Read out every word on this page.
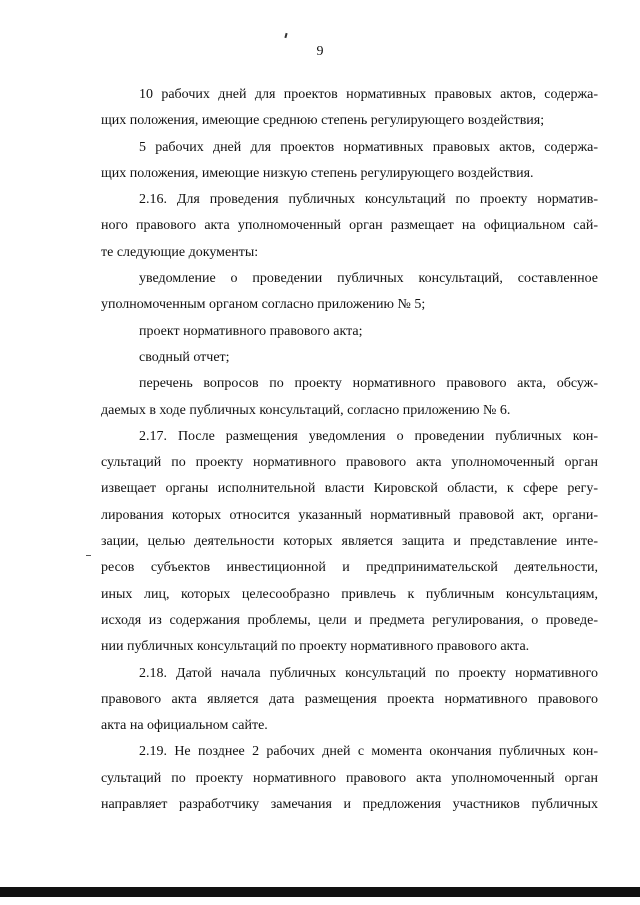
9
10 рабочих дней для проектов нормативных правовых актов, содержа-
щих положения, имеющие среднюю степень регулирующего воздействия;
5 рабочих дней для проектов нормативных правовых актов, содержа-
щих положения, имеющие низкую степень регулирующего воздействия.
2.16. Для проведения публичных консультаций по проекту норматив-
ного правового акта уполномоченный орган размещает на официальном сай-
те следующие документы:
уведомление о проведении публичных консультаций, составленное
уполномоченным органом согласно приложению № 5;
проект нормативного правового акта;
сводный отчет;
перечень вопросов по проекту нормативного правового акта, обсуж-
даемых в ходе публичных консультаций, согласно приложению № 6.
2.17. После размещения уведомления о проведении публичных кон-
сультаций по проекту нормативного правового акта уполномоченный орган
извещает органы исполнительной власти Кировской области, к сфере регу-
лирования которых относится указанный нормативный правовой акт, органи-
зации, целью деятельности которых является защита и представление инте-
ресов субъектов инвестиционной и предпринимательской деятельности,
иных лиц, которых целесообразно привлечь к публичным консультациям,
исходя из содержания проблемы, цели и предмета регулирования, о проведе-
нии публичных консультаций по проекту нормативного правового акта.
2.18. Датой начала публичных консультаций по проекту нормативного
правового акта является дата размещения проекта нормативного правового
акта на официальном сайте.
2.19. Не позднее 2 рабочих дней с момента окончания публичных кон-
сультаций по проекту нормативного правового акта уполномоченный орган
направляет разработчику замечания и предложения участников публичных
